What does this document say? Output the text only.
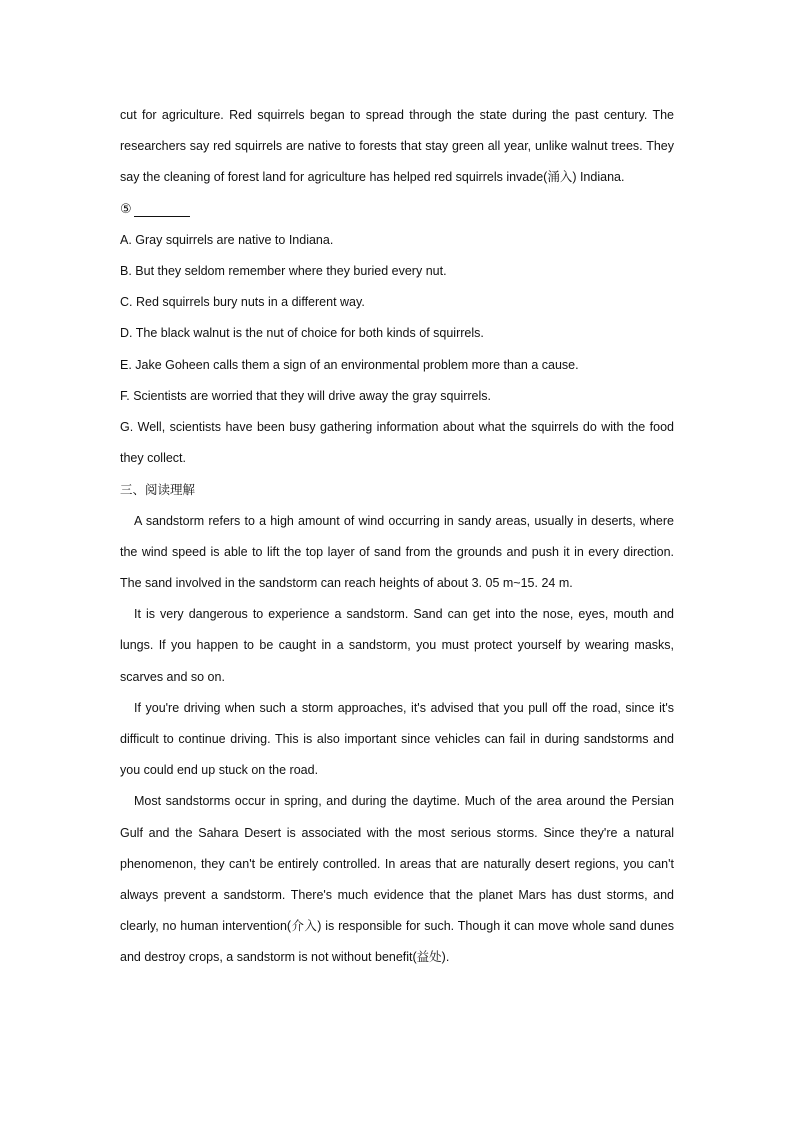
cut for agriculture. Red squirrels began to spread through the state during the past century. The researchers say red squirrels are native to forests that stay green all year, unlike walnut trees. They say the cleaning of forest land for agriculture has helped red squirrels invade(涌入) Indiana.

⑤

A. Gray squirrels are native to Indiana.

B. But they seldom remember where they buried every nut.

C. Red squirrels bury nuts in a different way.

D. The black walnut is the nut of choice for both kinds of squirrels.

E. Jake Goheen calls them a sign of an environmental problem more than a cause.

F. Scientists are worried that they will drive away the gray squirrels.

G. Well, scientists have been busy gathering information about what the squirrels do with the food they collect.

三、阅读理解

A sandstorm refers to a high amount of wind occurring in sandy areas, usually in deserts, where the wind speed is able to lift the top layer of sand from the grounds and push it in every direction. The sand involved in the sandstorm can reach heights of about 3. 05 m~15. 24 m.

It is very dangerous to experience a sandstorm. Sand can get into the nose, eyes, mouth and lungs. If you happen to be caught in a sandstorm, you must protect yourself by wearing masks, scarves and so on.

If you're driving when such a storm approaches, it's advised that you pull off the road, since it's difficult to continue driving. This is also important since vehicles can fail in during sandstorms and you could end up stuck on the road.

Most sandstorms occur in spring, and during the daytime. Much of the area around the Persian Gulf and the Sahara Desert is associated with the most serious storms. Since they're a natural phenomenon, they can't be entirely controlled. In areas that are naturally desert regions, you can't always prevent a sandstorm. There's much evidence that the planet Mars has dust storms, and clearly, no human intervention(介入) is responsible for such. Though it can move whole sand dunes and destroy crops, a sandstorm is not without benefit(益处).
